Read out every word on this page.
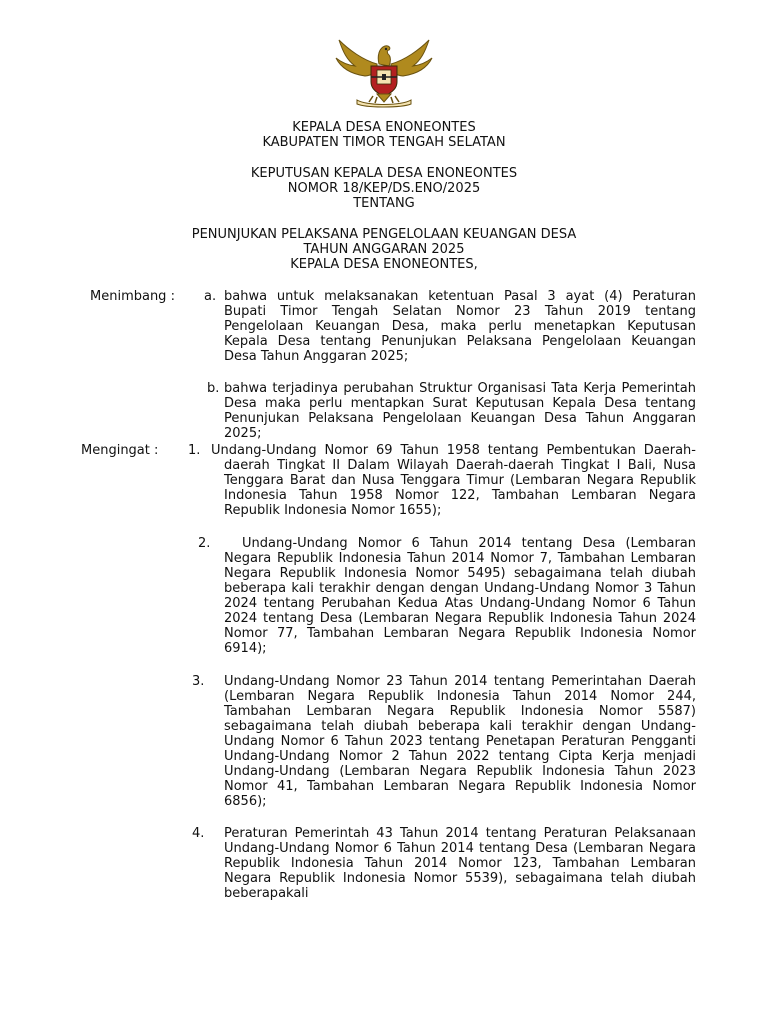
KEPALA DESA ENONEONTES
KABUPATEN TIMOR TENGAH SELATAN
KEPUTUSAN KEPALA DESA ENONEONTES
NOMOR 18/KEP/DS.ENO/2025
TENTANG
PENUNJUKAN PELAKSANA PENGELOLAAN KEUANGAN DESA
TAHUN ANGGARAN 2025
KEPALA DESA ENONEONTES,
Menimbang : a. bahwa untuk melaksanakan ketentuan Pasal 3 ayat (4) Peraturan Bupati Timor Tengah Selatan Nomor 23 Tahun 2019 tentang Pengelolaan Keuangan Desa, maka perlu menetapkan Keputusan Kepala Desa tentang Penunjukan Pelaksana Pengelolaan Keuangan Desa Tahun Anggaran 2025;
b. bahwa terjadinya perubahan Struktur Organisasi Tata Kerja Pemerintah Desa maka perlu mentapkan Surat Keputusan Kepala Desa tentang Penunjukan Pelaksana Pengelolaan Keuangan Desa Tahun Anggaran 2025;
Mengingat : 1. Undang-Undang Nomor 69 Tahun 1958 tentang Pembentukan Daerah-daerah Tingkat II Dalam Wilayah Daerah-daerah Tingkat I Bali, Nusa Tenggara Barat dan Nusa Tenggara Timur (Lembaran Negara Republik Indonesia Tahun 1958 Nomor 122, Tambahan Lembaran Negara Republik Indonesia Nomor 1655);
2.	Undang-Undang Nomor 6 Tahun 2014 tentang Desa (Lembaran Negara Republik Indonesia Tahun 2014 Nomor 7, Tambahan Lembaran Negara Republik Indonesia Nomor 5495) sebagaimana telah diubah beberapa kali terakhir dengan dengan Undang-Undang Nomor 3 Tahun 2024 tentang Perubahan Kedua Atas Undang-Undang Nomor 6 Tahun 2024 tentang Desa (Lembaran Negara Republik Indonesia Tahun 2024 Nomor 77, Tambahan Lembaran Negara Republik Indonesia Nomor 6914);
3. Undang-Undang Nomor 23 Tahun 2014 tentang Pemerintahan Daerah (Lembaran Negara Republik Indonesia Tahun 2014 Nomor 244, Tambahan Lembaran Negara Republik Indonesia Nomor 5587) sebagaimana telah diubah beberapa kali terakhir dengan Undang-Undang Nomor 6 Tahun 2023 tentang Penetapan Peraturan Pengganti Undang-Undang Nomor 2 Tahun 2022 tentang Cipta Kerja menjadi Undang-Undang (Lembaran Negara Republik Indonesia Tahun 2023 Nomor 41, Tambahan Lembaran Negara Republik Indonesia Nomor 6856);
4. Peraturan Pemerintah 43 Tahun 2014 tentang Peraturan Pelaksanaan Undang-Undang Nomor 6 Tahun 2014 tentang Desa (Lembaran Negara Republik Indonesia Tahun 2014 Nomor 123, Tambahan Lembaran Negara Republik Indonesia Nomor 5539), sebagaimana telah diubah beberapakali
